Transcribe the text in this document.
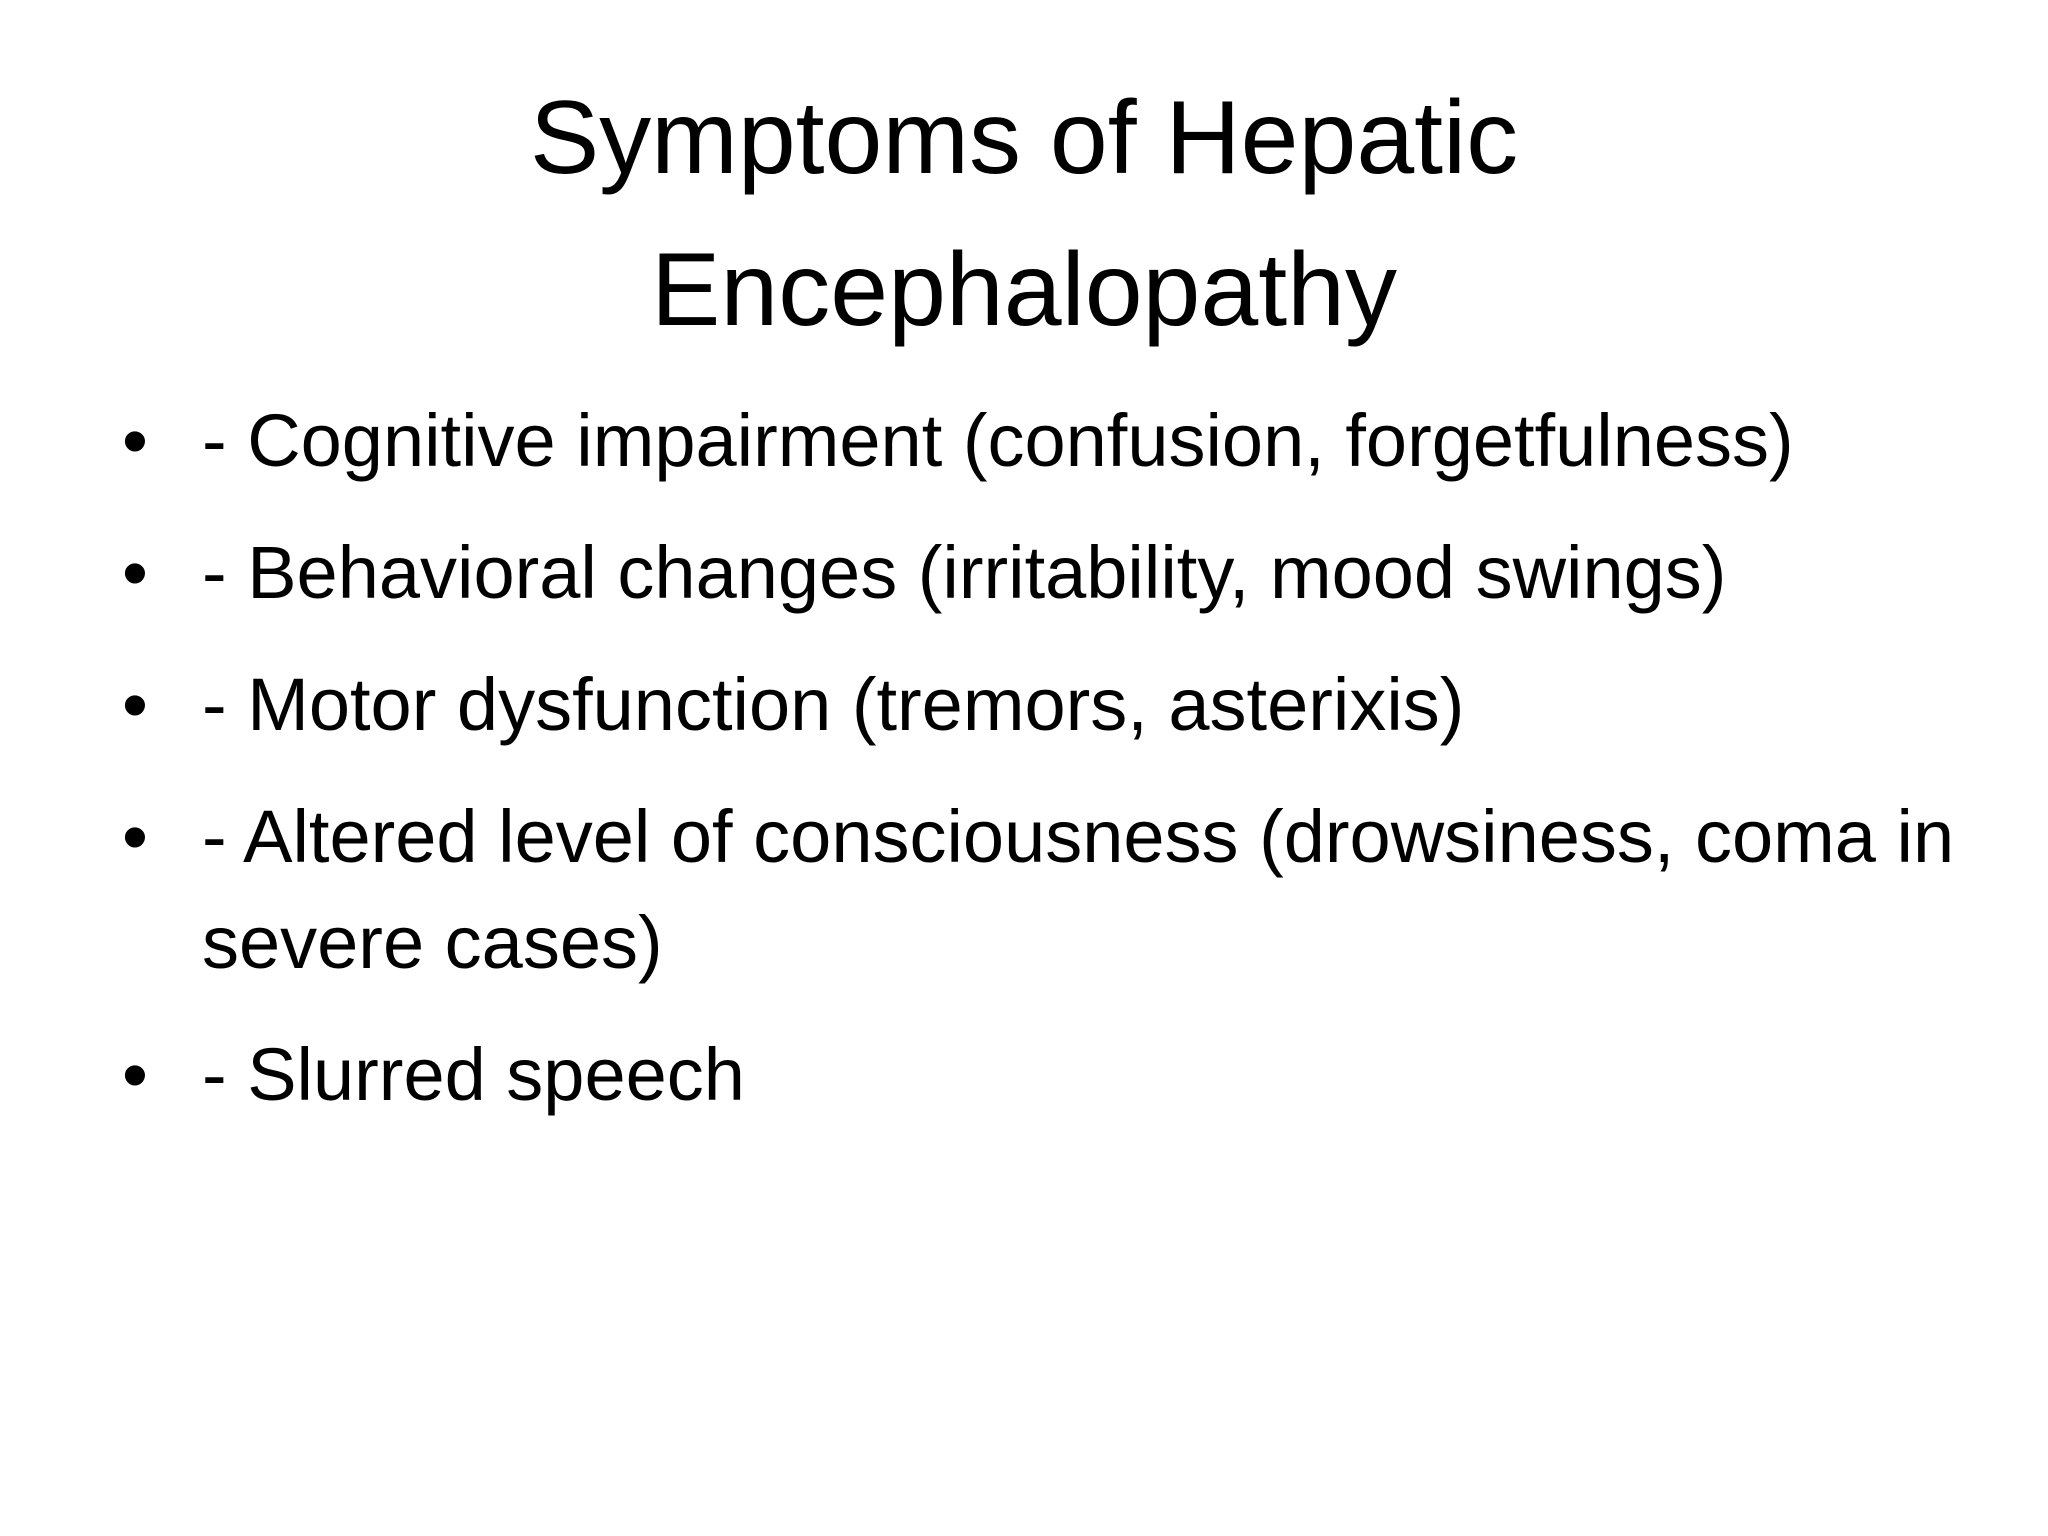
Symptoms of Hepatic
Encephalopathy
• - Cognitive impairment (confusion, forgetfulness)
• - Behavioral changes (irritability, mood swings)
• - Motor dysfunction (tremors, asterixis)
• - Altered level of consciousness (drowsiness, coma in severe cases)
• - Slurred speech
